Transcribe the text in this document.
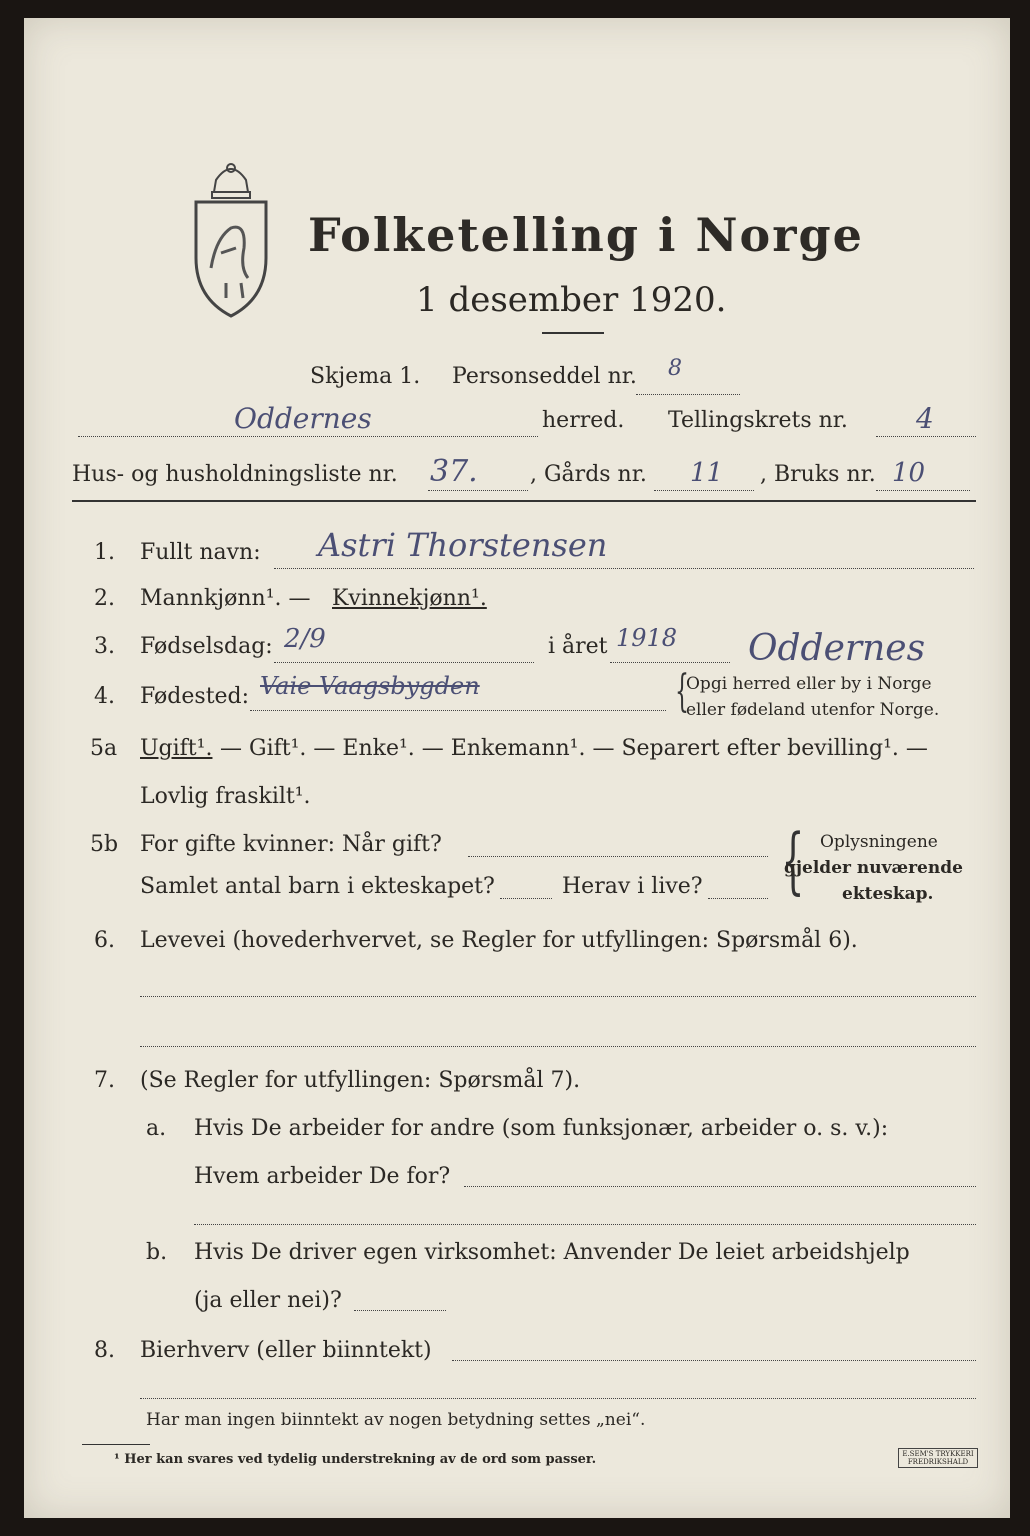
Folketelling i Norge
1 desember 1920.
Skjema 1. Personseddel nr. 8
Oddernes	herred. Tellingskrets nr. 4
Hus- og husholdningsliste nr. 37. , Gårds nr. 11 , Bruks nr. 10
1. Fullt navn: Astri Thorstensen
2. Mannkjønn¹. — Kvinnekjønn¹.
3. Fødselsdag: 2/9	i året 1918 Oddernes
4. Fødested: Vaie Vaagsbygden	{
Opgi herred eller by i Norge
eller fødeland utenfor Norge.
5a Ugift¹. — Gift¹. — Enke¹. — Enkemann¹. — Separert efter bevilling¹. —
Lovlig fraskilt¹.
5b For gifte kvinner: Når gift?
Samlet antal barn i ekteskapet?	Herav i live? { Oplysningene
gjelder nuværende
ekteskap.
6. Levevei (hovederhvervet, se Regler for utfyllingen: Spørsmål 6).
7. (Se Regler for utfyllingen: Spørsmål 7).
a. Hvis De arbeider for andre (som funksjonær, arbeider o. s. v.):
Hvem arbeider De for?
b. Hvis De driver egen virksomhet: Anvender De leiet arbeidshjelp
(ja eller nei)?
8. Bierhverv (eller biinntekt)
Har man ingen biinntekt av nogen betydning settes „nei“.
¹ Her kan svares ved tydelig understrekning av de ord som passer.	E.SEM'S TRYKKERI FREDRIKSHALD
